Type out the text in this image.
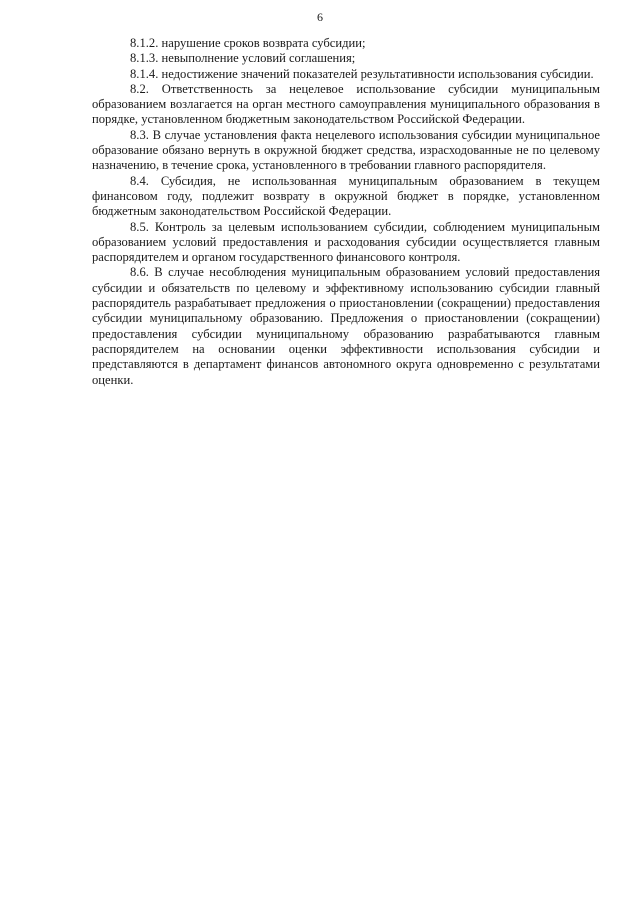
6

8.1.2. нарушение сроков возврата субсидии;

8.1.3. невыполнение условий соглашения;

8.1.4. недостижение значений показателей результативности использования субсидии.

8.2. Ответственность за нецелевое использование субсидии муниципальным образованием возлагается на орган местного самоуправления муниципального образования в порядке, установленном бюджетным законодательством Российской Федерации.

8.3. В случае установления факта нецелевого использования субсидии муниципальное образование обязано вернуть в окружной бюджет средства, израсходованные не по целевому назначению, в течение срока, установленного в требовании главного распорядителя.

8.4. Субсидия, не использованная муниципальным образованием в текущем финансовом году, подлежит возврату в окружной бюджет в порядке, установленном бюджетным законодательством Российской Федерации.

8.5. Контроль за целевым использованием субсидии, соблюдением муниципальным образованием условий предоставления и расходования субсидии осуществляется главным распорядителем и органом государственного финансового контроля.

8.6. В случае несоблюдения муниципальным образованием условий предоставления субсидии и обязательств по целевому и эффективному использованию субсидии главный распорядитель разрабатывает предложения о приостановлении (сокращении) предоставления субсидии муниципальному образованию. Предложения о приостановлении (сокращении) предоставления субсидии муниципальному образованию разрабатываются главным распорядителем на основании оценки эффективности использования субсидии и представляются в департамент финансов автономного округа одновременно с результатами оценки.
